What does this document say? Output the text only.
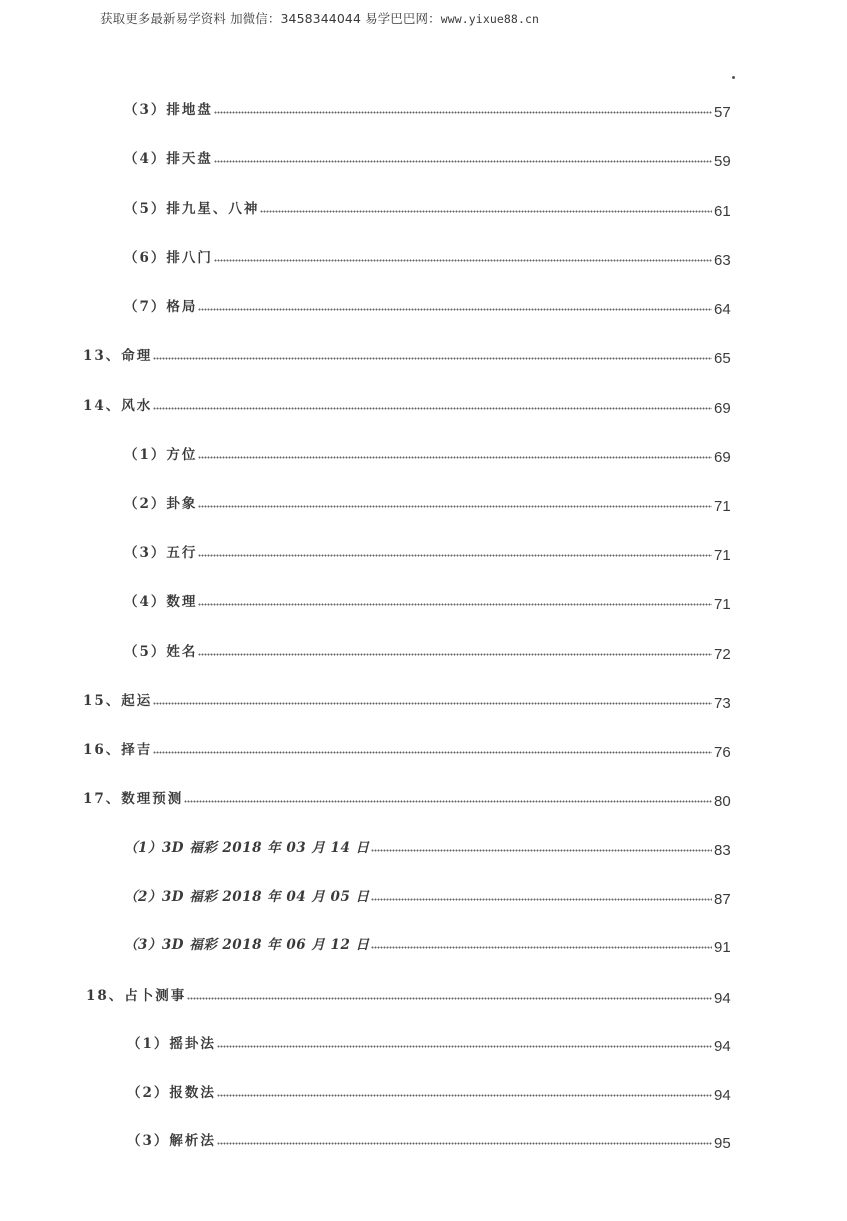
获取更多最新易学资料 加微信：3458344044 易学巴巴网：www.yixue88.cn
（3）排地盘	57
（4）排天盘	59
（5）排九星、八神	61
（6）排八门	63
（7）格局	64
13、命理	65
14、风水	69
（1）方位	69
（2）卦象	71
（3）五行	71
（4）数理	71
（5）姓名	72
15、起运	73
16、择吉	76
17、数理预测	80
（1）3D 福彩 2018 年 03 月 14 日	83
（2）3D 福彩 2018 年 04 月 05 日	87
（3）3D 福彩 2018 年 06 月 12 日	91
18、占卜测事	94
（1）摇卦法	94
（2）报数法	94
（3）解析法	95
